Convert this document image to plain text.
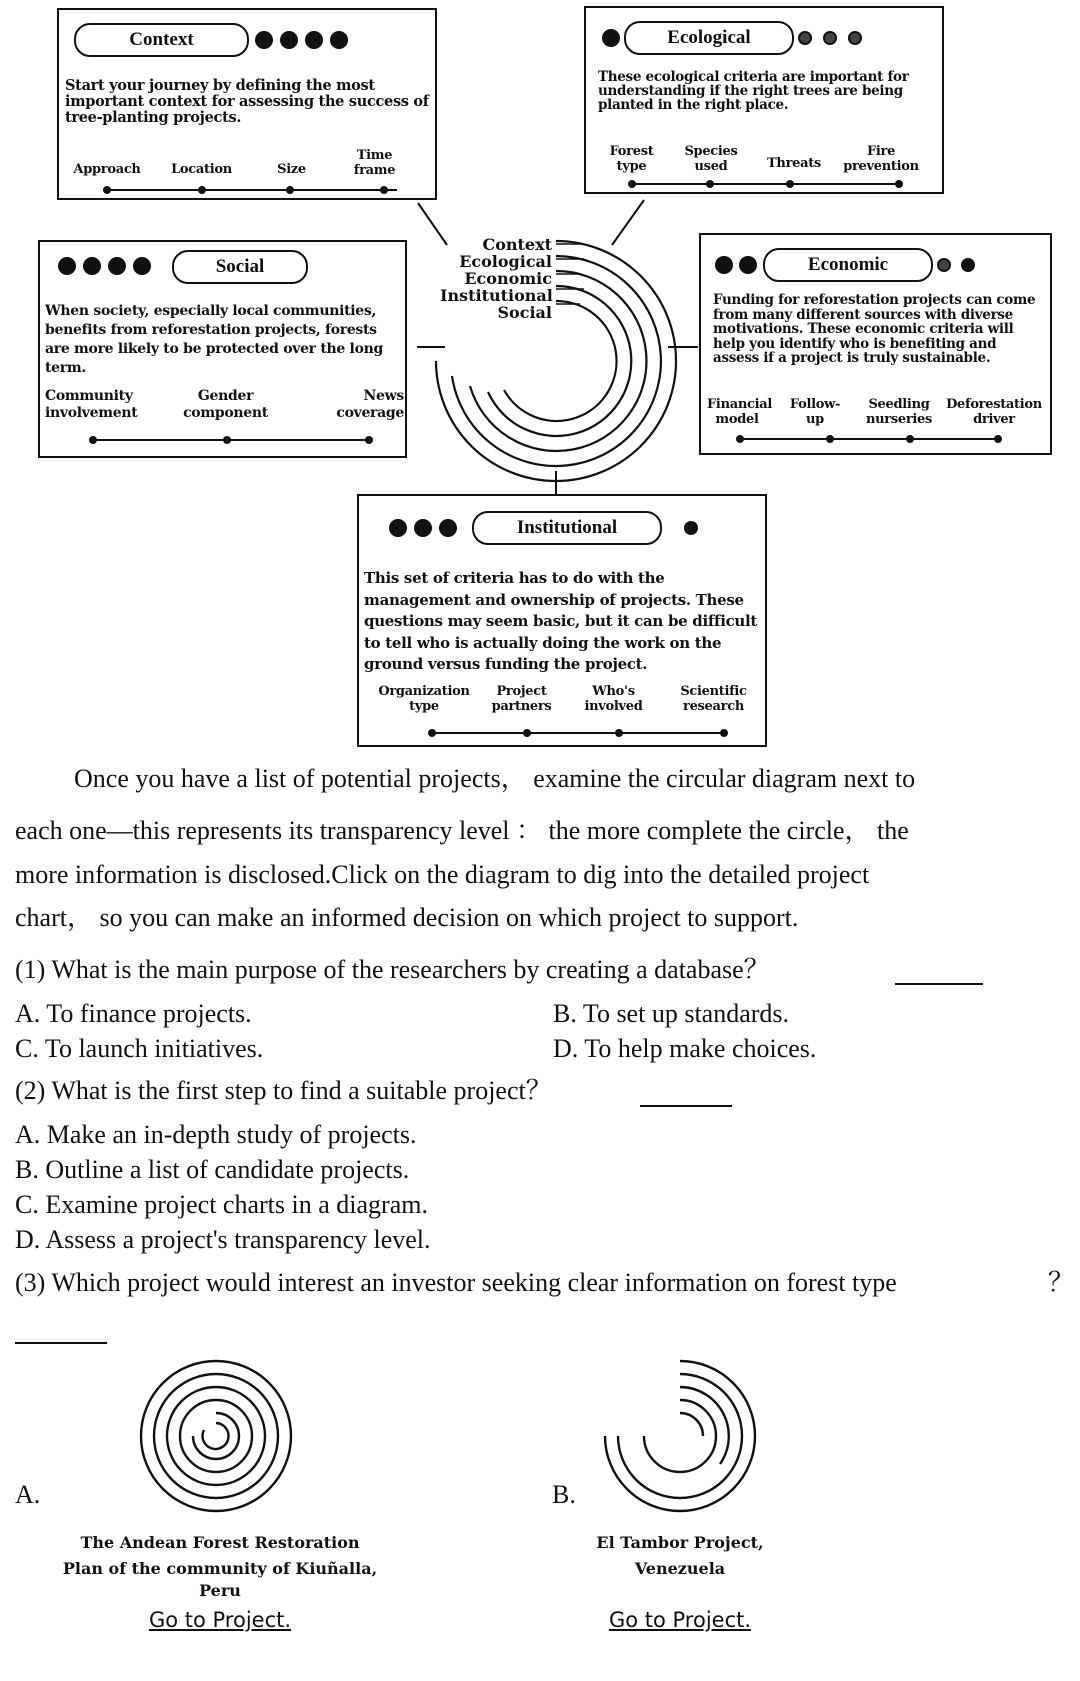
Context
Ecological
Economic
Institutional
Social
Context
Start your journey by defining the most important context for assessing the success of tree-planting projects.
Approach	Location	Size
Time frame
Ecological
These ecological criteria are important for understanding if the right trees are being planted in the right place.
Forest type
Species used	Threats
Fire prevention
Social
When society, especially local communities, benefits from reforestation projects, forests are more likely to be protected over the long term.
Community involvement
Gender component
News coverage
Economic
Funding for reforestation projects can come from many different sources with diverse motivations. These economic criteria will help you identify who is benefiting and assess if a project is truly sustainable.
Financial model
Follow-up
Seedling nurseries
Deforestation driver
Institutional
This set of criteria has to do with the management and ownership of projects. These questions may seem basic, but it can be difficult to tell who is actually doing the work on the ground versus funding the project.
Organization type
Project partners
Who's involved
Scientific research
Once you have a list of potential projects， examine the circular diagram next to
each one—this represents its transparency level ： the more complete the circle， the
more information is disclosed.Click on the diagram to dig into the detailed project
chart， so you can make an informed decision on which project to support.
(1) What is the main purpose of the researchers by creating a database？
A. To finance projects.	B. To set up standards.
C. To launch initiatives.	D. To help make choices.
(2) What is the first step to find a suitable project？
A. Make an in-depth study of projects.
B. Outline a list of candidate projects.
C. Examine project charts in a diagram.
D. Assess a project's transparency level.
(3) Which project would interest an investor seeking clear information on forest type	？
A.
The Andean Forest Restoration
Plan of the community of Kiuñalla,
Peru
Go to Project.
B.
El Tambor Project,
Venezuela
Go to Project.
